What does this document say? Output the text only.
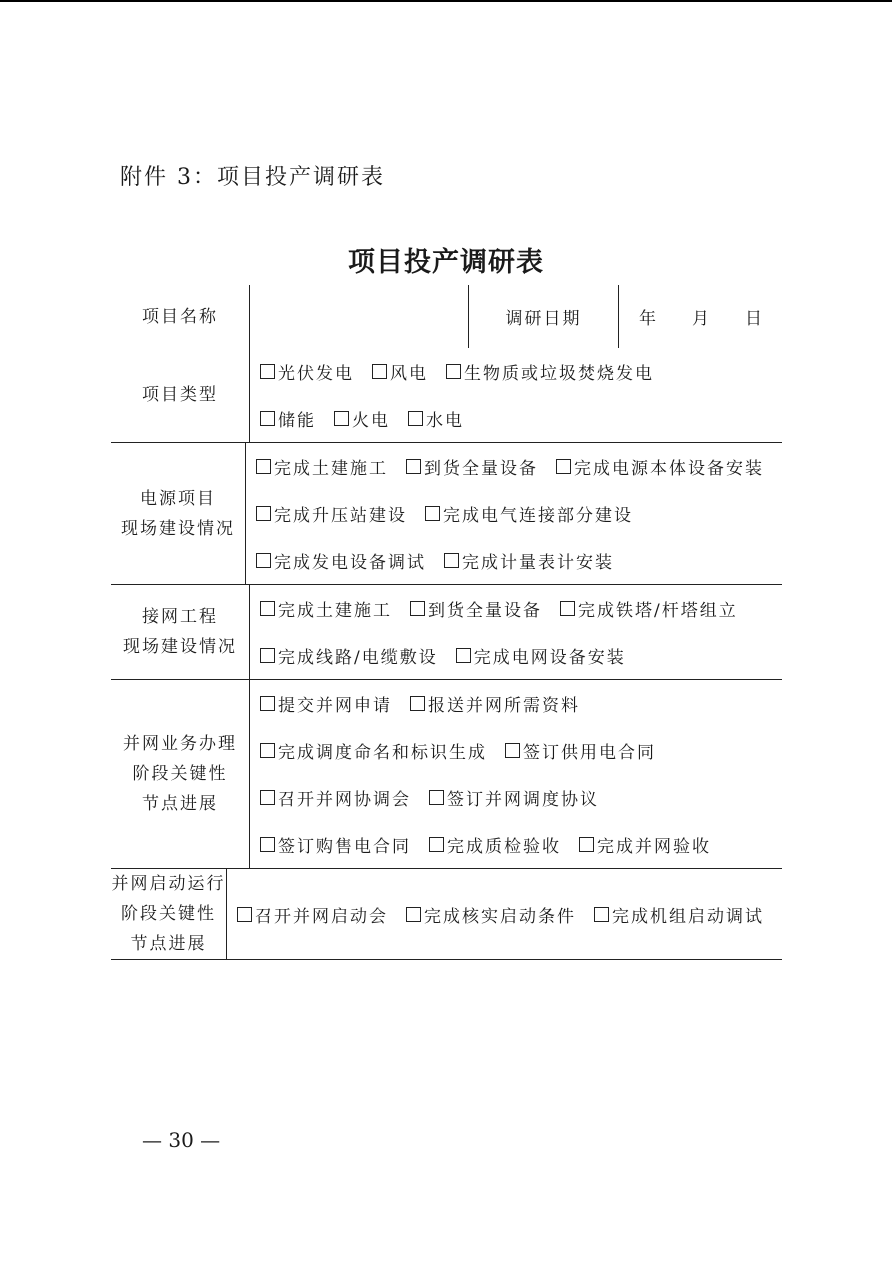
附件 3：项目投产调研表
项目投产调研表
项目名称	调研日期	年 月 日
项目类型
光伏发电 风电 生物质或垃圾焚烧发电
储能 火电 水电
电源项目
现场建设情况
完成土建施工 到货全量设备 完成电源本体设备安装
完成升压站建设 完成电气连接部分建设
完成发电设备调试 完成计量表计安装
接网工程
现场建设情况
完成土建施工 到货全量设备 完成铁塔/杆塔组立
完成线路/电缆敷设 完成电网设备安装
并网业务办理
阶段关键性
节点进展
提交并网申请 报送并网所需资料
完成调度命名和标识生成 签订供用电合同
召开并网协调会 签订并网调度协议
签订购售电合同 完成质检验收 完成并网验收
并网启动运行
阶段关键性
节点进展
召开并网启动会 完成核实启动条件 完成机组启动调试
— 30 —
